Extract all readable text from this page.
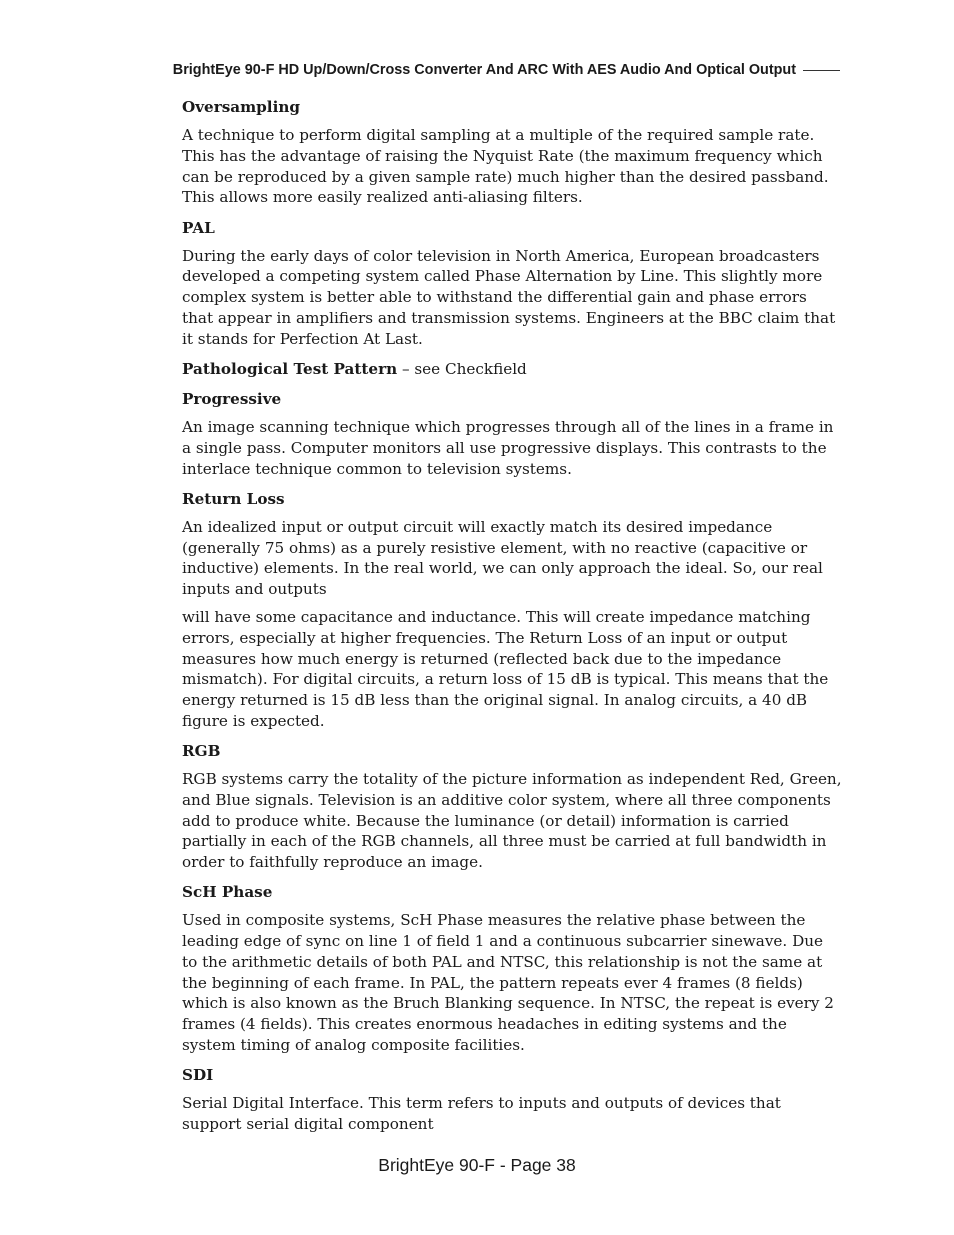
BrightEye 90-F HD Up/Down/Cross Converter And ARC With AES Audio And Optical Output

Oversampling

A technique to perform digital sampling at a multiple of the required sample rate. This has the advantage of raising the Nyquist Rate (the maximum frequency which can be reproduced by a given sample rate) much higher than the desired passband. This allows more easily realized anti-aliasing filters.

PAL

During the early days of color television in North America, European broadcasters developed a competing system called Phase Alternation by Line. This slightly more complex system is better able to withstand the differential gain and phase errors that appear in amplifiers and transmission systems. Engineers at the BBC claim that it stands for Perfection At Last.

Pathological Test Pattern – see Checkfield

Progressive

An image scanning technique which progresses through all of the lines in a frame in a single pass. Computer monitors all use progressive displays. This contrasts to the interlace technique common to television systems.

Return Loss

An idealized input or output circuit will exactly match its desired impedance (generally 75 ohms) as a purely resistive element, with no reactive (capacitive or inductive) elements. In the real world, we can only approach the ideal. So, our real inputs and outputs

will have some capacitance and inductance. This will create impedance matching errors, especially at higher frequencies. The Return Loss of an input or output measures how much energy is returned (reflected back due to the impedance mismatch). For digital circuits, a return loss of 15 dB is typical. This means that the energy returned is 15 dB less than the original signal. In analog circuits, a 40 dB figure is expected.

RGB

RGB systems carry the totality of the picture information as independent Red, Green, and Blue signals. Television is an additive color system, where all three components add to produce white. Because the luminance (or detail) information is carried partially in each of the RGB channels, all three must be carried at full bandwidth in order to faithfully reproduce an image.

ScH Phase

Used in composite systems, ScH Phase measures the relative phase between the leading edge of sync on line 1 of field 1 and a continuous subcarrier sinewave. Due to the arithmetic details of both PAL and NTSC, this relationship is not the same at the beginning of each frame. In PAL, the pattern repeats ever 4 frames (8 fields) which is also known as the Bruch Blanking sequence. In NTSC, the repeat is every 2 frames (4 fields). This creates enormous headaches in editing systems and the system timing of analog composite facilities.

SDI

Serial Digital Interface. This term refers to inputs and outputs of devices that support serial digital component

BrightEye 90-F - Page 38
